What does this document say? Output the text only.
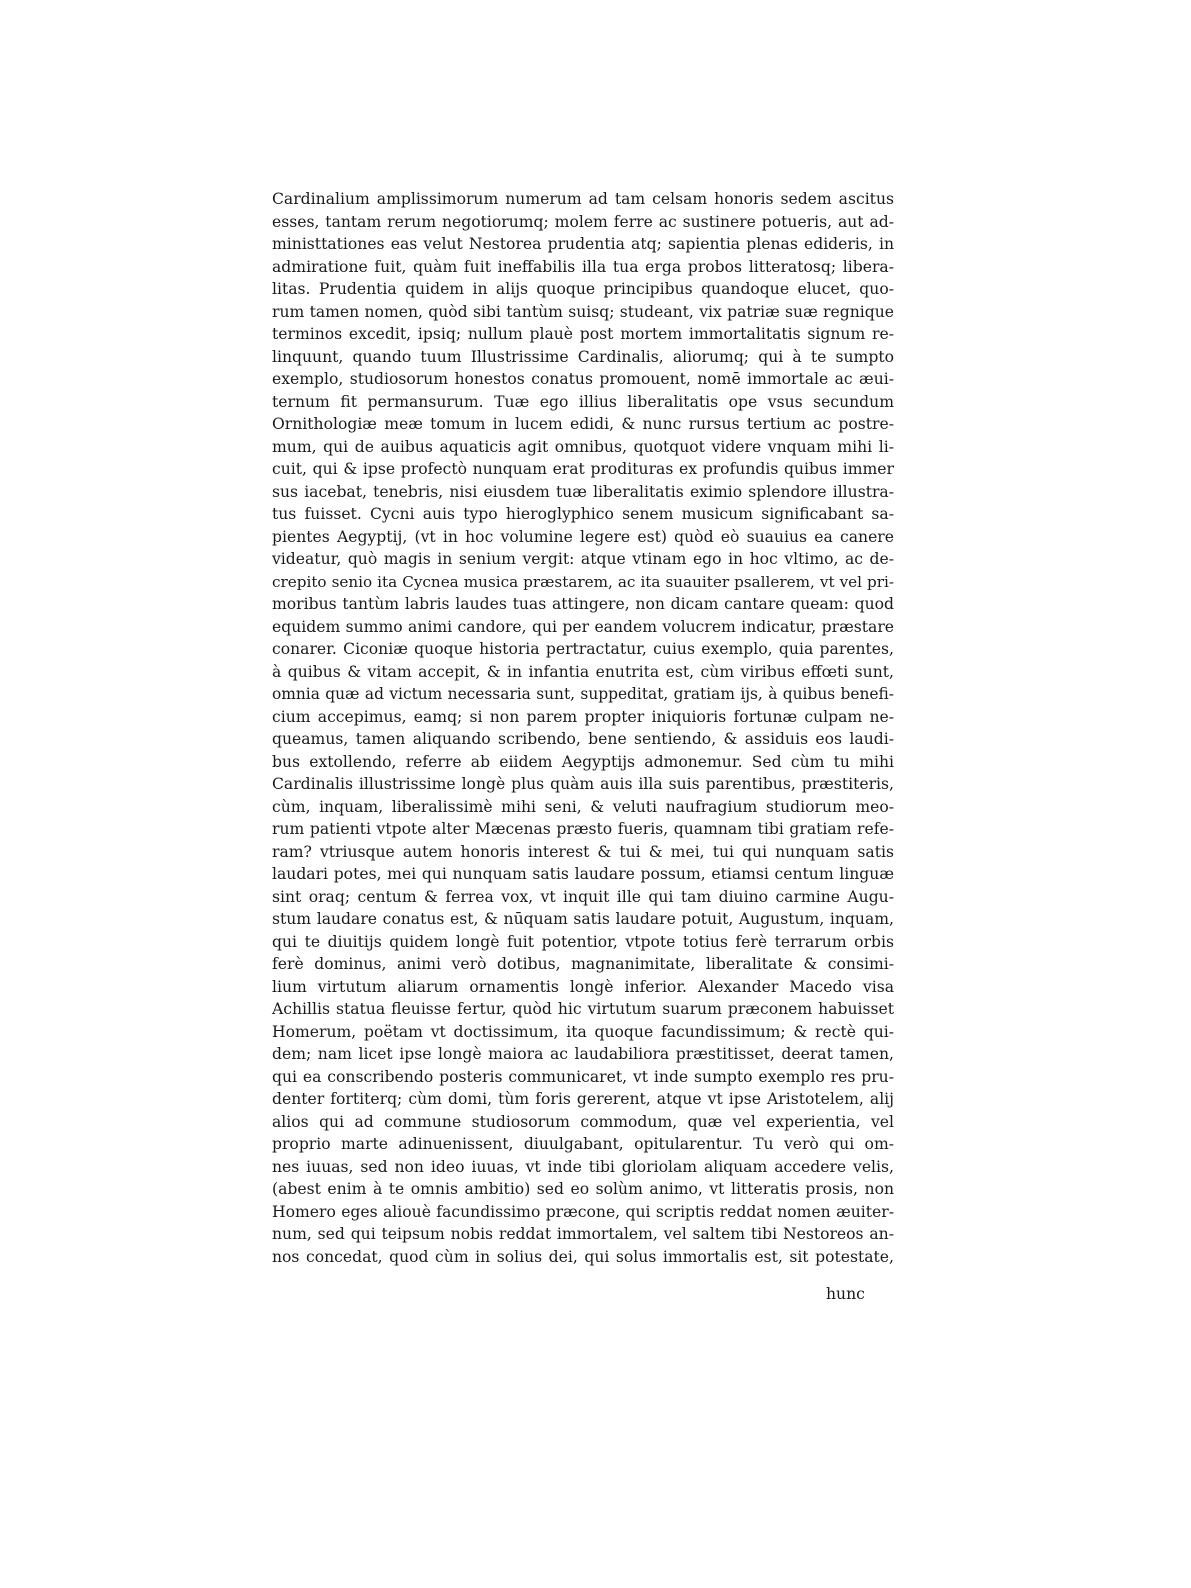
Cardinalium amplissimorum numerum ad tam celsam honoris sedem ascitus
esses, tantam rerum negotiorumq; molem ferre ac sustinere potueris, aut ad-
ministtationes eas velut Nestorea prudentia atq; sapientia plenas edideris, in
admiratione fuit, quàm fuit ineffabilis illa tua erga probos litteratosq; libera-
litas. Prudentia quidem in alijs quoque principibus quandoque elucet, quo-
rum tamen nomen, quòd sibi tantùm suisq; studeant, vix patriæ suæ regnique
terminos excedit, ipsiq; nullum plauè post mortem immortalitatis signum re-
linquunt, quando tuum Illustrissime Cardinalis, aliorumq; qui à te sumpto
exemplo, studiosorum honestos conatus promouent, nomē immortale ac æui-
ternum fit permansurum. Tuæ ego illius liberalitatis ope vsus secundum
Ornithologiæ meæ tomum in lucem edidi, & nunc rursus tertium ac postre-
mum, qui de auibus aquaticis agit omnibus, quotquot videre vnquam mihi li-
cuit, qui & ipse profectò nunquam erat prodituras ex profundis quibus immer
sus iacebat, tenebris, nisi eiusdem tuæ liberalitatis eximio splendore illustra-
tus fuisset. Cycni auis typo hieroglyphico senem musicum significabant sa-
pientes Aegyptij, (vt in hoc volumine legere est) quòd eò suauius ea canere
videatur, quò magis in senium vergit: atque vtinam ego in hoc vltimo, ac de-
crepito senio ita Cycnea musica præstarem, ac ita suauiter psallerem, vt vel pri-
moribus tantùm labris laudes tuas attingere, non dicam cantare queam: quod
equidem summo animi candore, qui per eandem volucrem indicatur, præstare
conarer. Ciconiæ quoque historia pertractatur, cuius exemplo, quia parentes,
à quibus & vitam accepit, & in infantia enutrita est, cùm viribus effœti sunt,
omnia quæ ad victum necessaria sunt, suppeditat, gratiam ijs, à quibus benefi-
cium accepimus, eamq; si non parem propter iniquioris fortunæ culpam ne-
queamus, tamen aliquando scribendo, bene sentiendo, & assiduis eos laudi-
bus extollendo, referre ab eiidem Aegyptijs admonemur. Sed cùm tu mihi
Cardinalis illustrissime longè plus quàm auis illa suis parentibus, præstiteris,
cùm, inquam, liberalissimè mihi seni, & veluti naufragium studiorum meo-
rum patienti vtpote alter Mæcenas præsto fueris, quamnam tibi gratiam refe-
ram? vtriusque autem honoris interest & tui & mei, tui qui nunquam satis
laudari potes, mei qui nunquam satis laudare possum, etiamsi centum linguæ
sint oraq; centum & ferrea vox, vt inquit ille qui tam diuino carmine Augu-
stum laudare conatus est, & nūquam satis laudare potuit, Augustum, inquam,
qui te diuitijs quidem longè fuit potentior, vtpote totius ferè terrarum orbis
ferè dominus, animi verò dotibus, magnanimitate, liberalitate & consimi-
lium virtutum aliarum ornamentis longè inferior. Alexander Macedo visa
Achillis statua fleuisse fertur, quòd hic virtutum suarum præconem habuisset
Homerum, poëtam vt doctissimum, ita quoque facundissimum; & rectè qui-
dem; nam licet ipse longè maiora ac laudabiliora præstitisset, deerat tamen,
qui ea conscribendo posteris communicaret, vt inde sumpto exemplo res pru-
denter fortiterq; cùm domi, tùm foris gererent, atque vt ipse Aristotelem, alij
alios qui ad commune studiosorum commodum, quæ vel experientia, vel
proprio marte adinuenissent, diuulgabant, opitularentur. Tu verò qui om-
nes iuuas, sed non ideo iuuas, vt inde tibi gloriolam aliquam accedere velis,
(abest enim à te omnis ambitio) sed eo solùm animo, vt litteratis prosis, non
Homero eges aliouè facundissimo præcone, qui scriptis reddat nomen æuiter-
num, sed qui teipsum nobis reddat immortalem, vel saltem tibi Nestoreos an-
nos concedat, quod cùm in solius dei, qui solus immortalis est, sit potestate,
hunc
